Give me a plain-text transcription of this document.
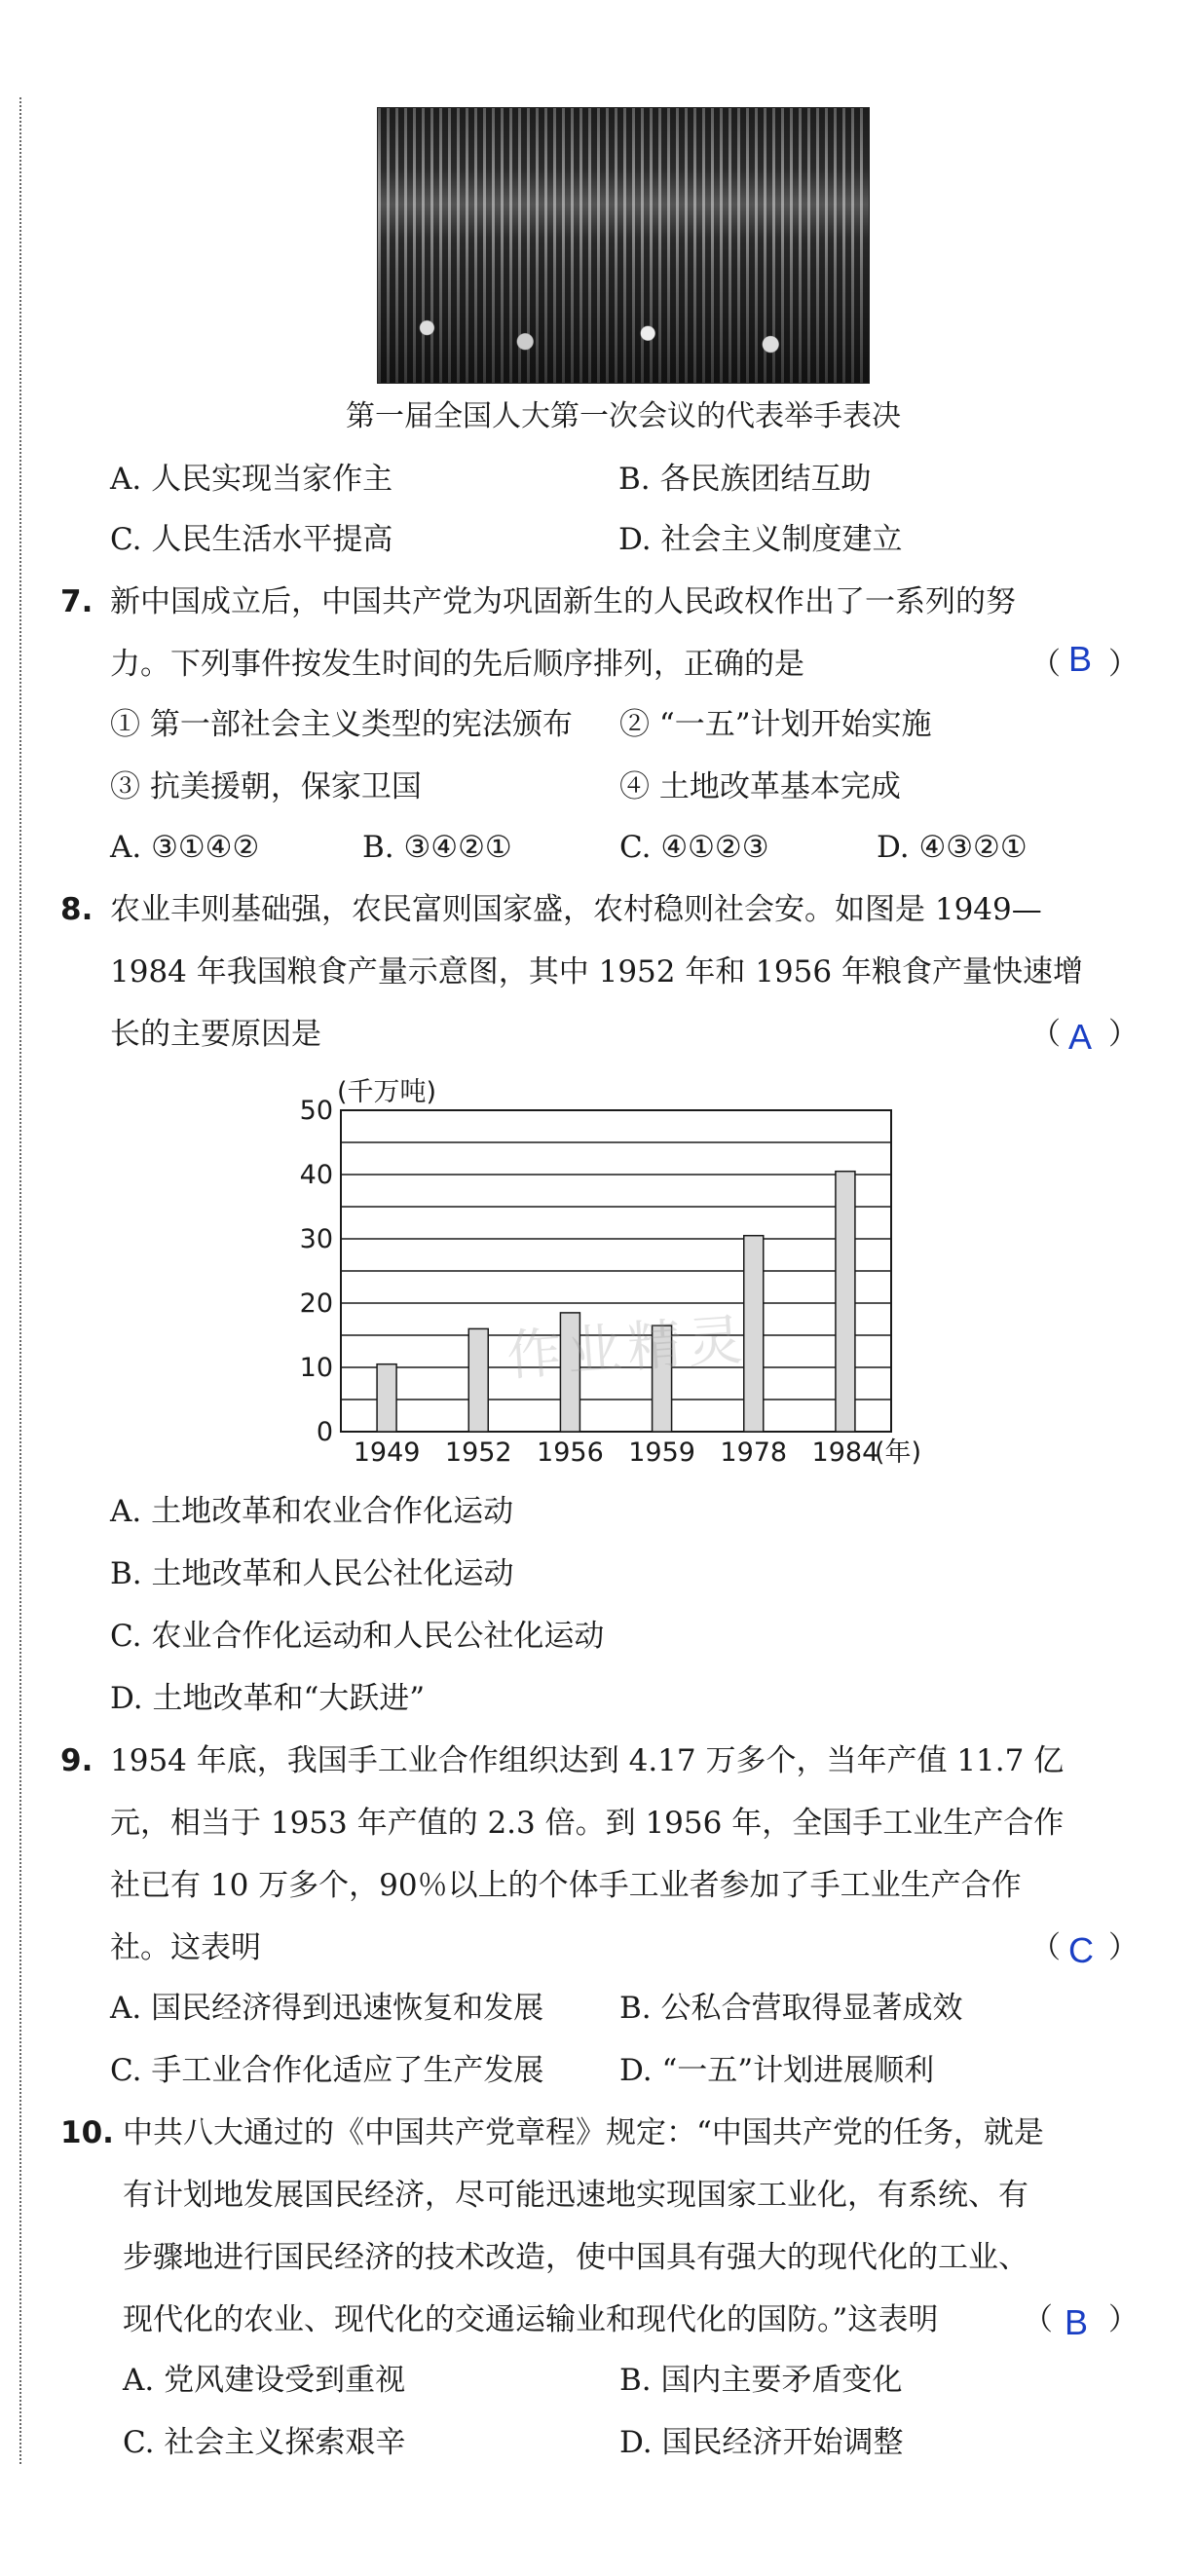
第一届全国人大第一次会议的代表举手表决
A. 人民实现当家作主	B. 各民族团结互助
C. 人民生活水平提高	D. 社会主义制度建立
7. 新中国成立后，中国共产党为巩固新生的人民政权作出了一系列的努
力。下列事件按发生时间的先后顺序排列，正确的是	（ B ）
① 第一部社会主义类型的宪法颁布 ② “一五”计划开始实施
③ 抗美援朝，保家卫国	④ 土地改革基本完成
A. ③①④②	B. ③④②①	C. ④①②③	D. ④③②①
8. 农业丰则基础强，农民富则国家盛，农村稳则社会安。如图是 1949—
1984 年我国粮食产量示意图，其中 1952 年和 1956 年粮食产量快速增
长的主要原因是	（ A ）
0
10
20
30
40
50
1949 1952 1956 1959 1978 1984
(千万吨)
(年)
作业精灵
A. 土地改革和农业合作化运动
B. 土地改革和人民公社化运动
C. 农业合作化运动和人民公社化运动
D. 土地改革和“大跃进”
9. 1954 年底，我国手工业合作组织达到 4.17 万多个，当年产值 11.7 亿
元，相当于 1953 年产值的 2.3 倍。到 1956 年，全国手工业生产合作
社已有 10 万多个，90％以上的个体手工业者参加了手工业生产合作
社。这表明	（ C ）
A. 国民经济得到迅速恢复和发展	B. 公私合营取得显著成效
C. 手工业合作化适应了生产发展	D. “一五”计划进展顺利
10. 中共八大通过的《中国共产党章程》规定：“中国共产党的任务，就是
有计划地发展国民经济，尽可能迅速地实现国家工业化，有系统、有
步骤地进行国民经济的技术改造，使中国具有强大的现代化的工业、
现代化的农业、现代化的交通运输业和现代化的国防。”这表明	（ B ）
A. 党风建设受到重视	B. 国内主要矛盾变化
C. 社会主义探索艰辛	D. 国民经济开始调整
